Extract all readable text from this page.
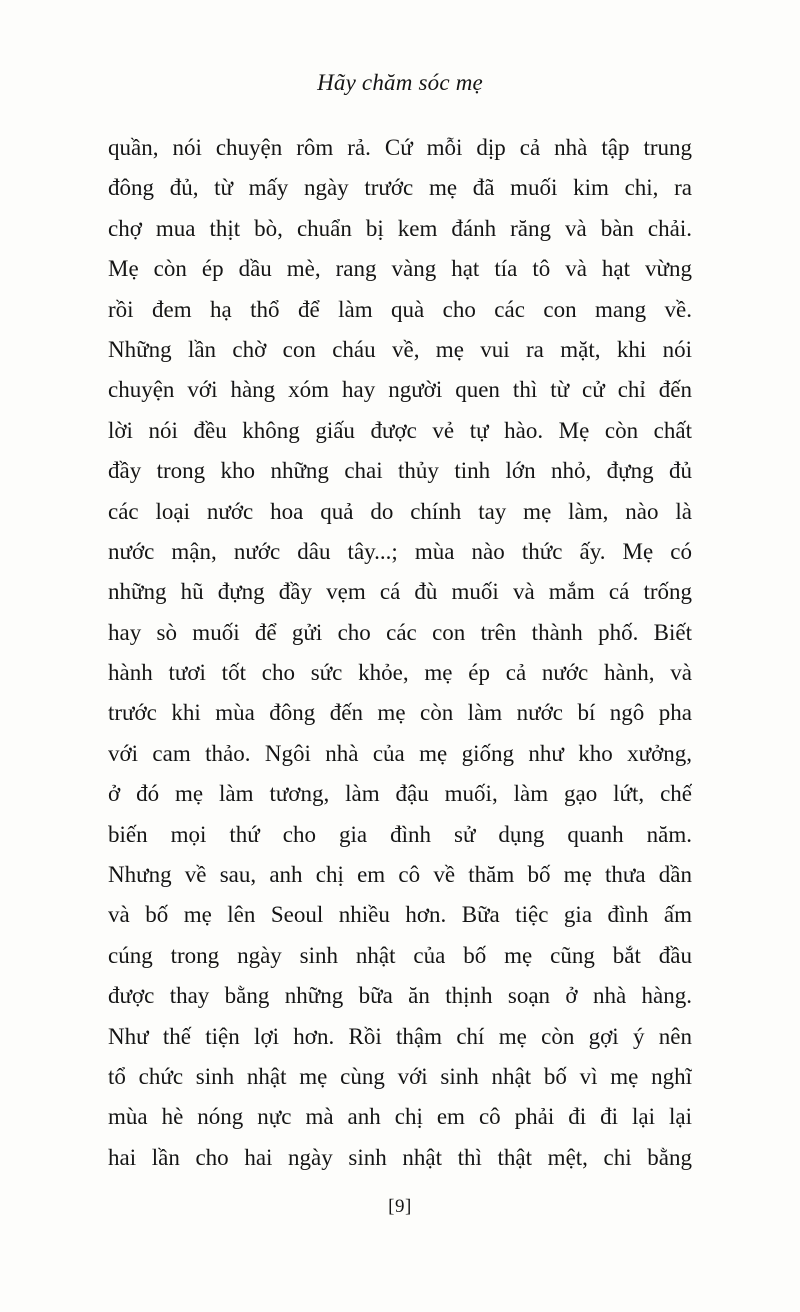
Hãy chăm sóc mẹ
quần, nói chuyện rôm rả. Cứ mỗi dịp cả nhà tập trung
đông đủ, từ mấy ngày trước mẹ đã muối kim chi, ra
chợ mua thịt bò, chuẩn bị kem đánh răng và bàn chải.
Mẹ còn ép dầu mè, rang vàng hạt tía tô và hạt vừng
rồi đem hạ thổ để làm quà cho các con mang về.
Những lần chờ con cháu về, mẹ vui ra mặt, khi nói
chuyện với hàng xóm hay người quen thì từ cử chỉ đến
lời nói đều không giấu được vẻ tự hào. Mẹ còn chất
đầy trong kho những chai thủy tinh lớn nhỏ, đựng đủ
các loại nước hoa quả do chính tay mẹ làm, nào là
nước mận, nước dâu tây...; mùa nào thức ấy. Mẹ có
những hũ đựng đầy vẹm cá đù muối và mắm cá trống
hay sò muối để gửi cho các con trên thành phố. Biết
hành tươi tốt cho sức khỏe, mẹ ép cả nước hành, và
trước khi mùa đông đến mẹ còn làm nước bí ngô pha
với cam thảo. Ngôi nhà của mẹ giống như kho xưởng,
ở đó mẹ làm tương, làm đậu muối, làm gạo lứt, chế
biến mọi thứ cho gia đình sử dụng quanh năm.
Nhưng về sau, anh chị em cô về thăm bố mẹ thưa dần
và bố mẹ lên Seoul nhiều hơn. Bữa tiệc gia đình ấm
cúng trong ngày sinh nhật của bố mẹ cũng bắt đầu
được thay bằng những bữa ăn thịnh soạn ở nhà hàng.
Như thế tiện lợi hơn. Rồi thậm chí mẹ còn gợi ý nên
tổ chức sinh nhật mẹ cùng với sinh nhật bố vì mẹ nghĩ
mùa hè nóng nực mà anh chị em cô phải đi đi lại lại
hai lần cho hai ngày sinh nhật thì thật mệt, chi bằng
[9]
